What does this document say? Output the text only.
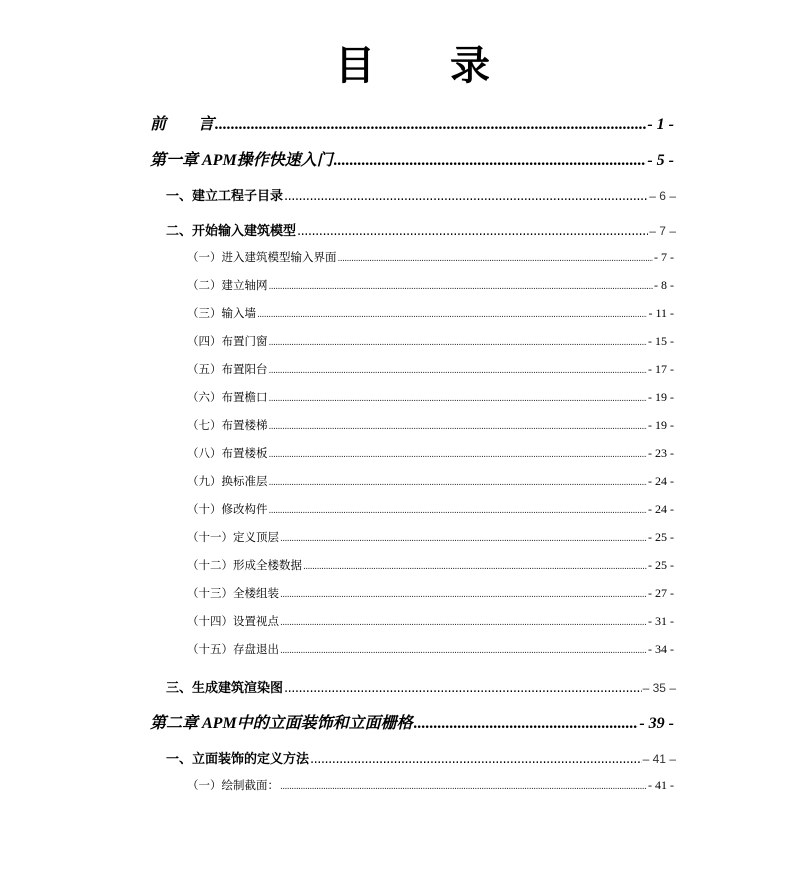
目 录
前　　言 .....	- 1 -
第一章 APM操作快速入门 .....	- 5 -
一、建立工程子目录 .....	– 6 –
二、开始输入建筑模型 .....	– 7 –
（一）进入建筑模型输入界面 .....	- 7 -
（二）建立轴网 .....	- 8 -
（三）输入墙 .....	- 11 -
（四）布置门窗 .....	- 15 -
（五）布置阳台 .....	- 17 -
（六）布置檐口 .....	- 19 -
（七）布置楼梯 .....	- 19 -
（八）布置楼板 .....	- 23 -
（九）换标准层 .....	- 24 -
（十）修改构件 .....	- 24 -
（十一）定义顶层 .....	- 25 -
（十二）形成全楼数据 .....	- 25 -
（十三）全楼组装 .....	- 27 -
（十四）设置视点 .....	- 31 -
（十五）存盘退出 .....	- 34 -
三、生成建筑渲染图 .....	– 35 –
第二章 APM中的立面装饰和立面栅格 .....	- 39 -
一、立面装饰的定义方法 .....	– 41 –
（一）绘制截面： .....	- 41 -
